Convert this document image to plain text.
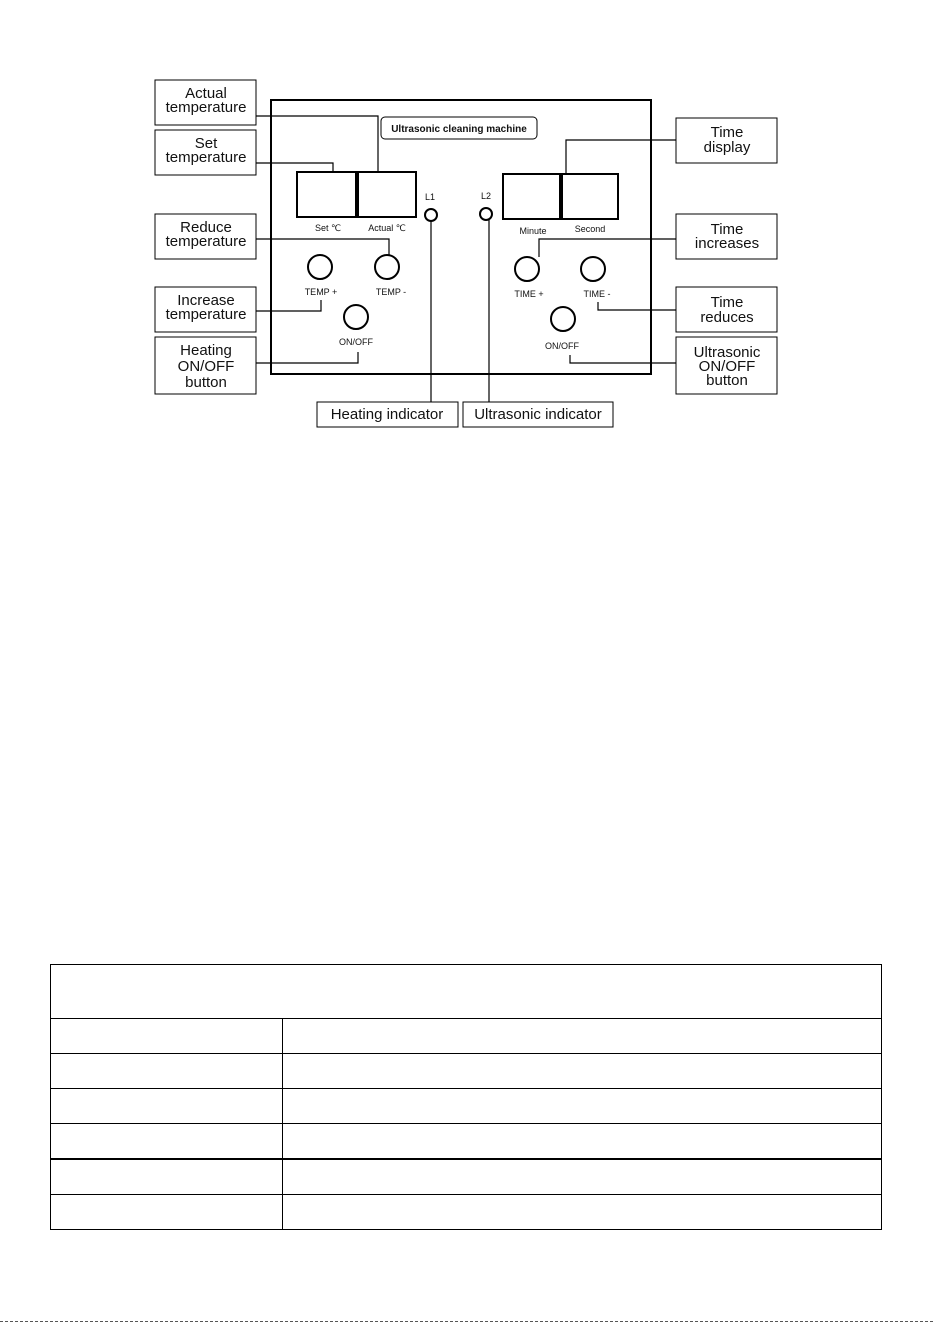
Ultrasonic cleaning machine
Set ℃	Actual ℃	Minute	Second
L1	L2
TEMP +	TEMP -
ON/OFF
TIME +	TIME -
ON/OFF
Actual
temperature
Set
temperature
Reduce
temperature
Increase
temperature
Heating
ON/OFF
button
Time
display
Time
increases
Time
reduces
Ultrasonic
ON/OFF
button
Heating indicator Ultrasonic indicator
